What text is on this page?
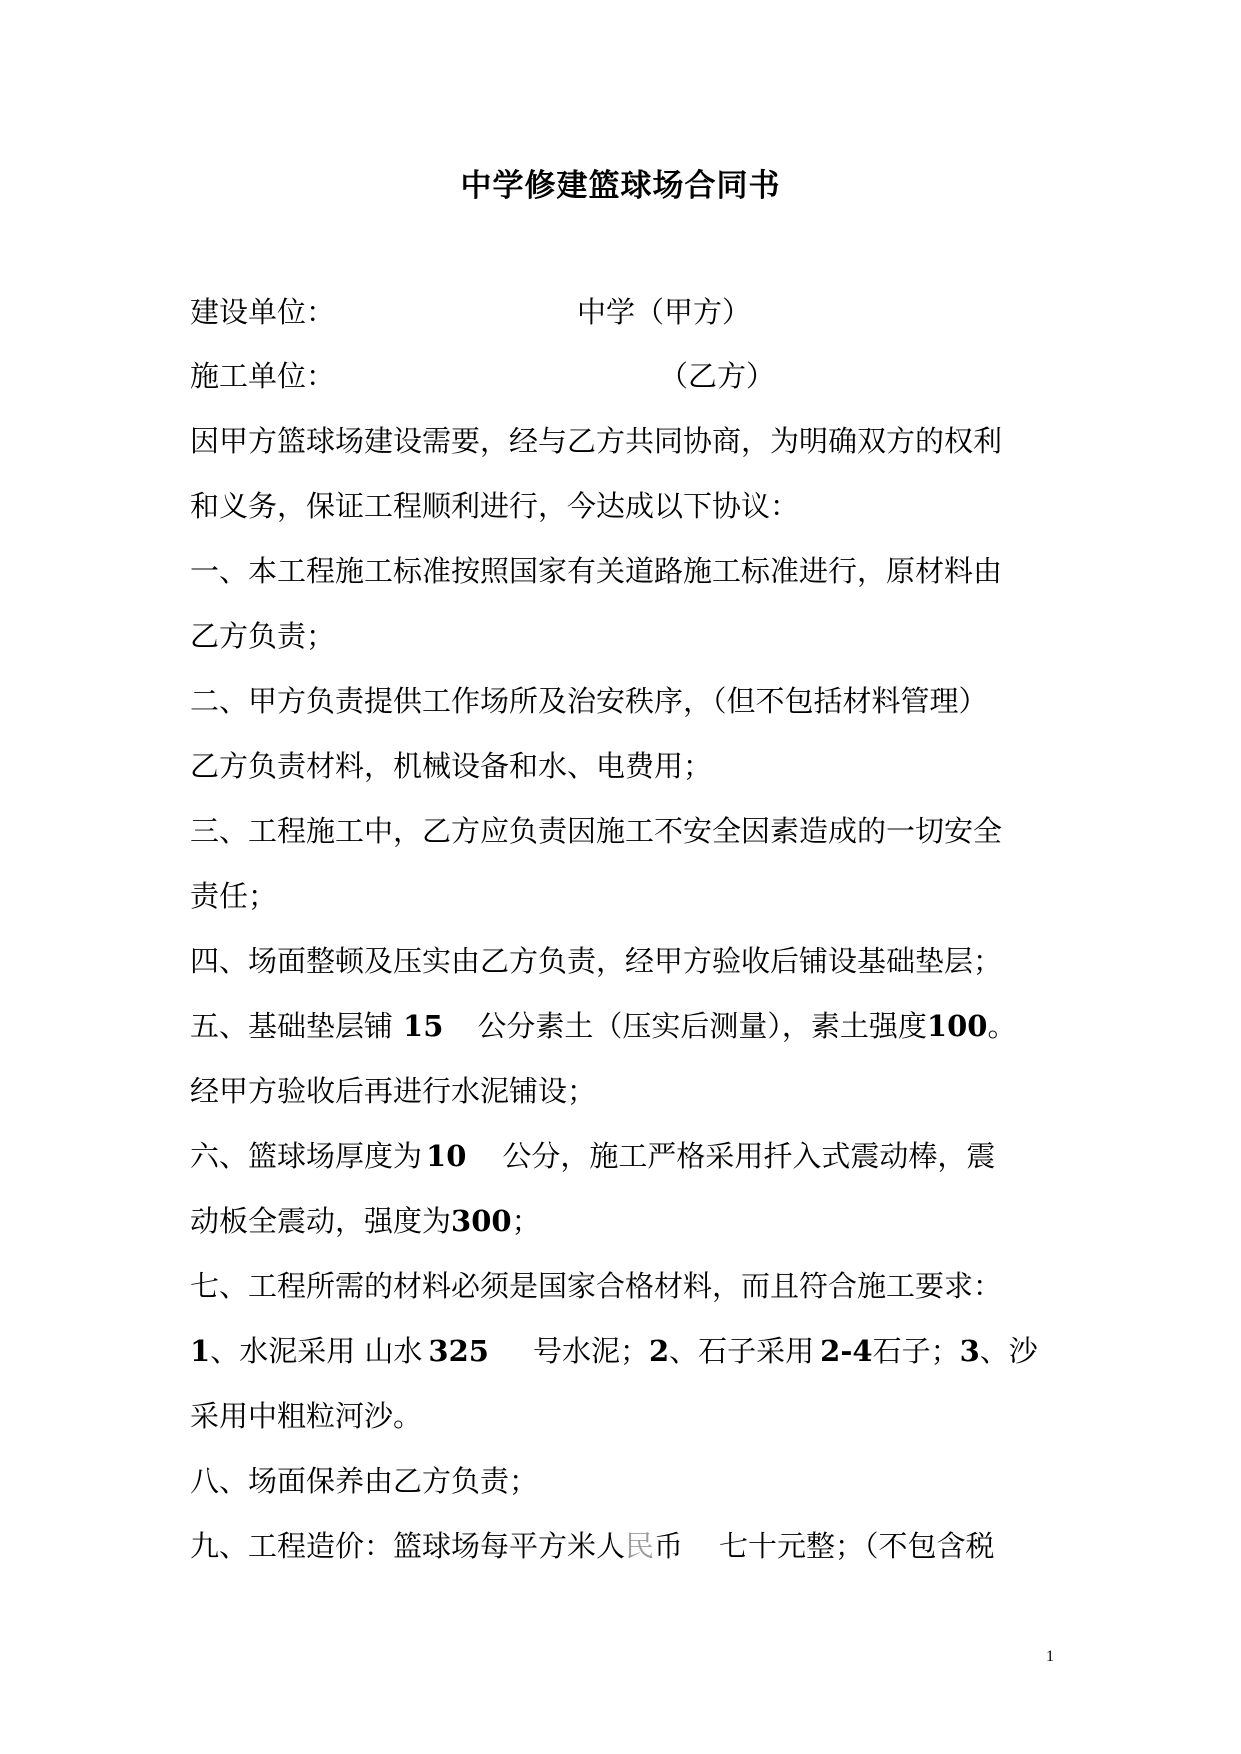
中学修建篮球场合同书
建设单位：	中学（甲方）
施工单位：	（乙方）
因甲方篮球场建设需要，经与乙方共同协商，为明确双方的权利
和义务，保证工程顺利进行，今达成以下协议：
一、本工程施工标准按照国家有关道路施工标准进行，原材料由
乙方负责；
二、甲方负责提供工作场所及治安秩序，（但不包括材料管理）
乙方负责材料，机械设备和水、电费用；
三、工程施工中，乙方应负责因施工不安全因素造成的一切安全
责任；
四、场面整顿及压实由乙方负责，经甲方验收后铺设基础垫层；
五、基础垫层铺 15 公分素土（压实后测量），素土强度100。
经甲方验收后再进行水泥铺设；
六、篮球场厚度为 10 公分，施工严格采用扦入式震动棒，震
动板全震动，强度为300；
七、工程所需的材料必须是国家合格材料，而且符合施工要求：
1、水泥采用 山水 325 号水泥；2、石子采用 2-4石子；3、沙
采用中粗粒河沙。
八、场面保养由乙方负责；
九、工程造价：篮球场每平方米人民币 七十元整；（不包含税
1
